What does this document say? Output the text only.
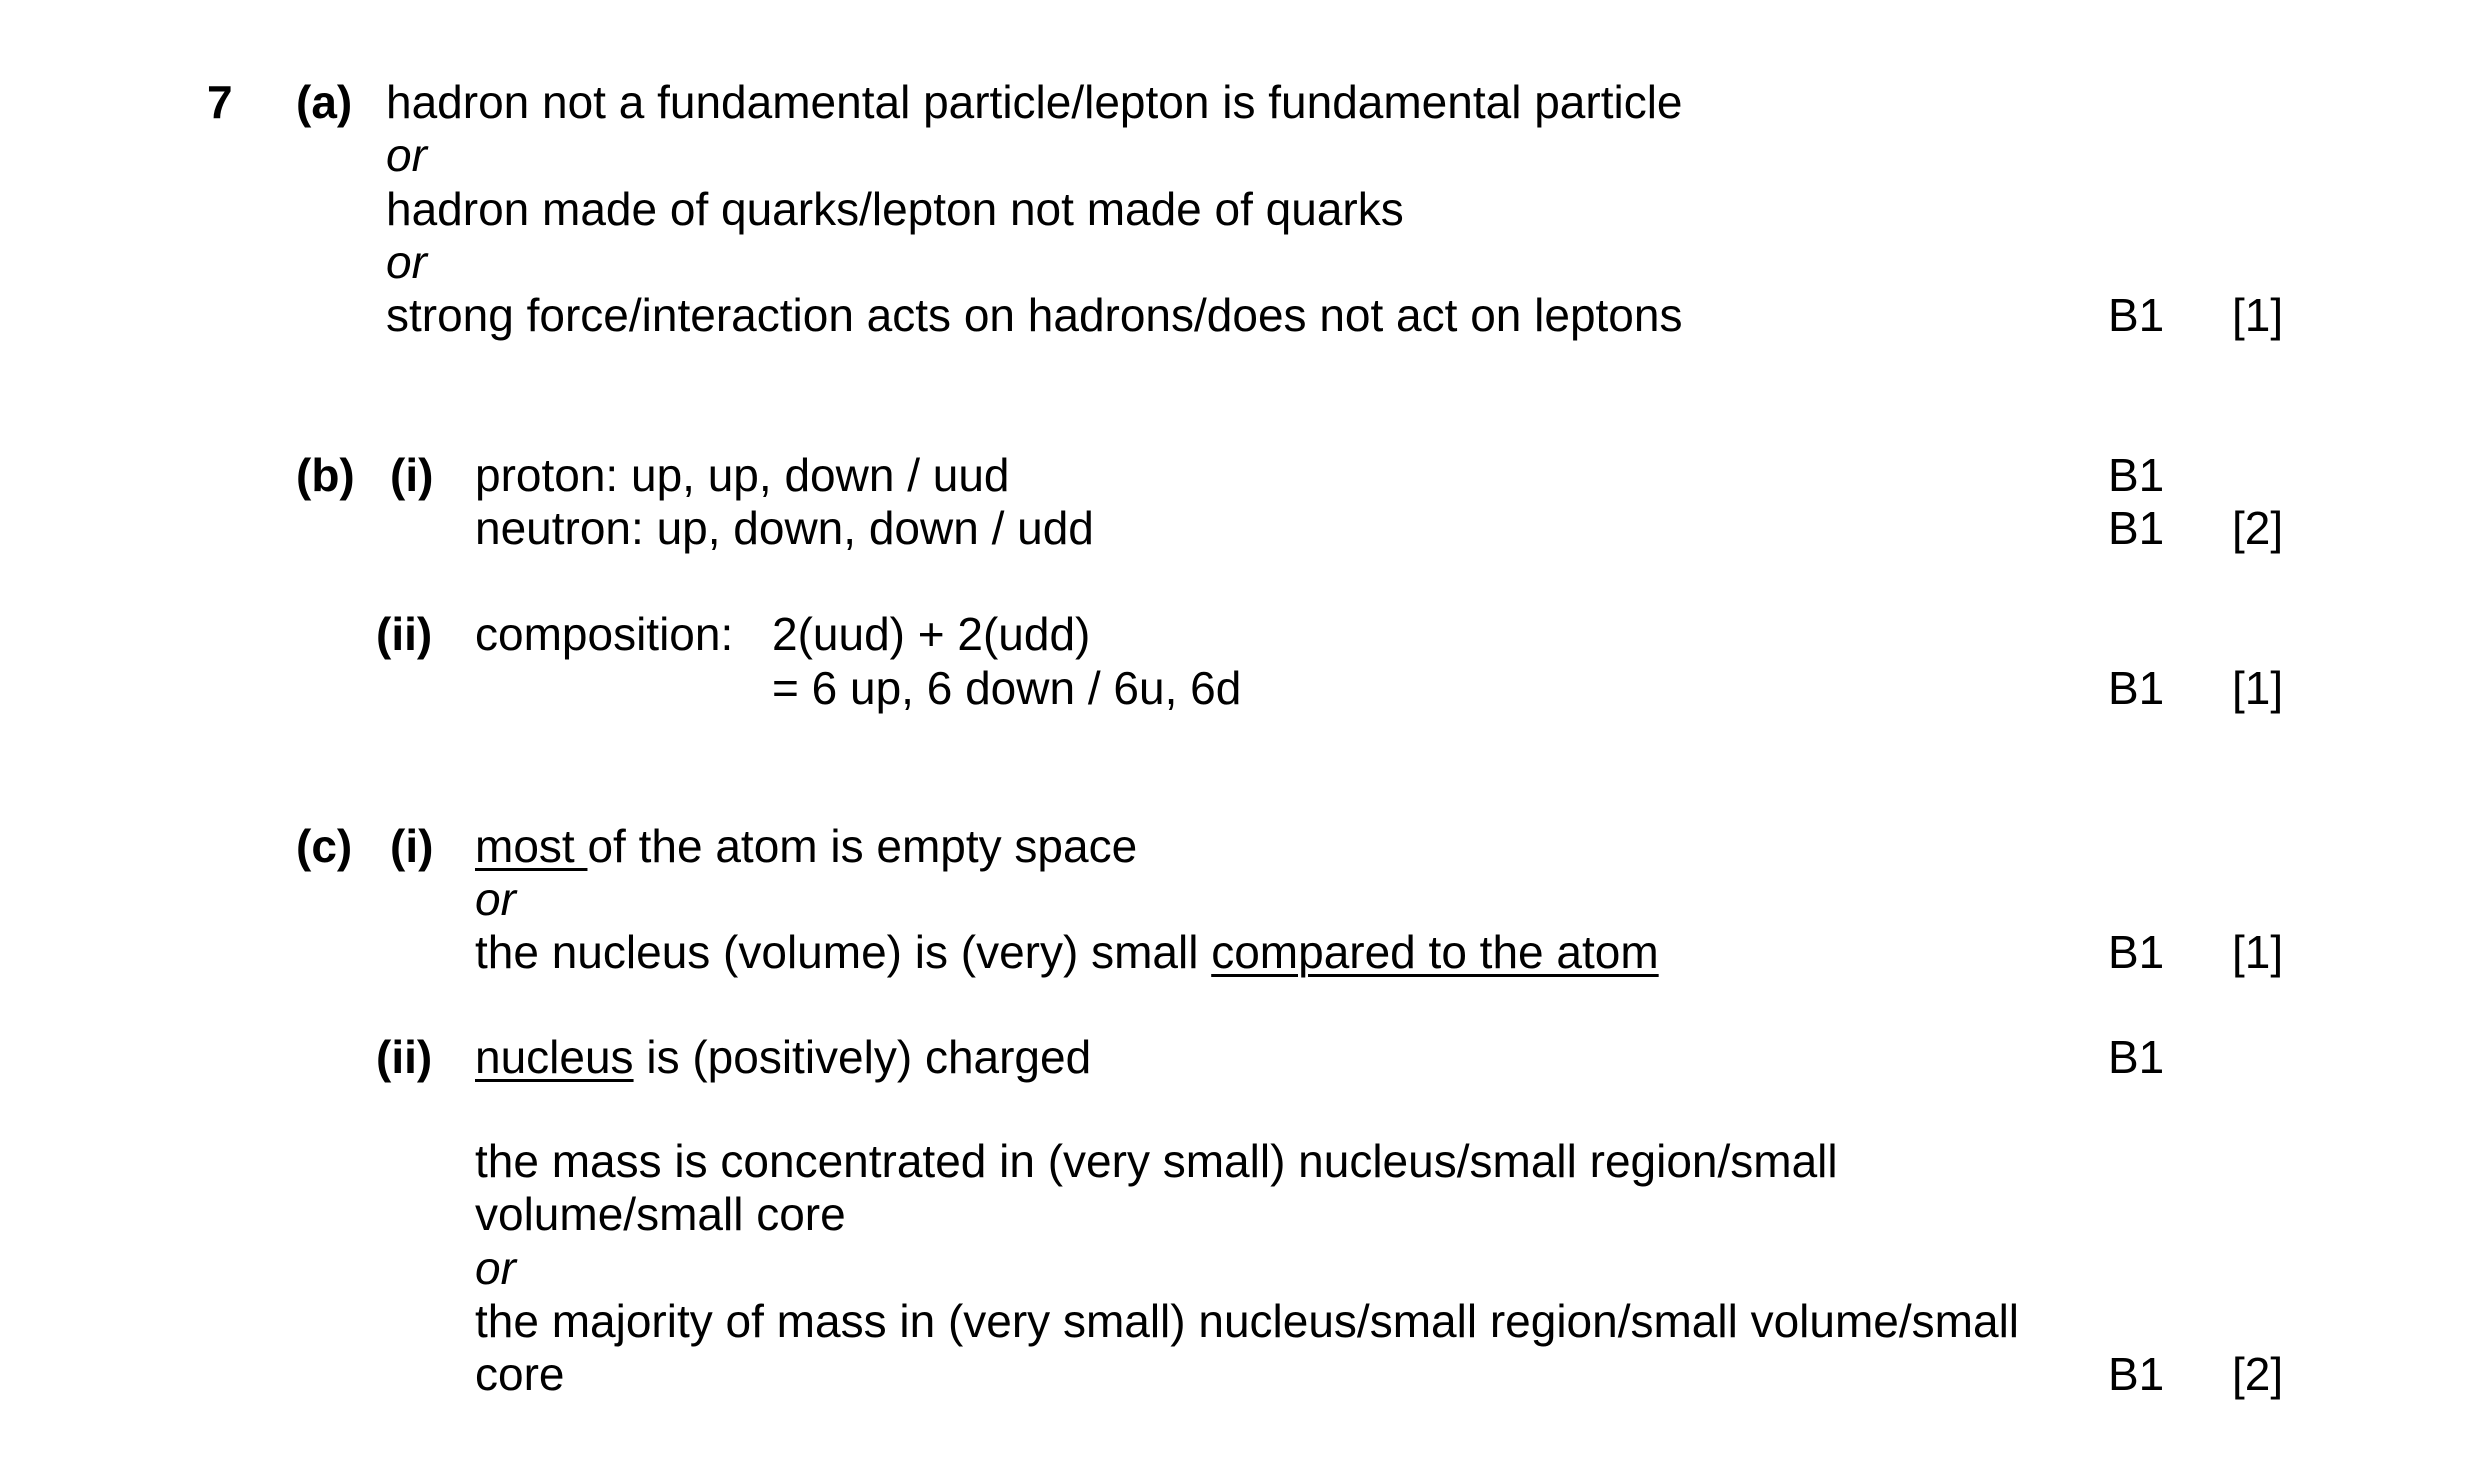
7 (a) hadron not a fundamental particle/lepton is fundamental particle
or
hadron made of quarks/lepton not made of quarks
or
strong force/interaction acts on hadrons/does not act on leptons	B1 [1]
(b) (i) proton: up, up, down / uud	B1
neutron: up, down, down / udd	B1 [2]
(ii) composition: 2(uud) + 2(udd)
= 6 up, 6 down / 6u, 6d	B1 [1]
(c) (i) most of the atom is empty space
or
the nucleus (volume) is (very) small compared to the atom	B1 [1]
(ii) nucleus is (positively) charged	B1
the mass is concentrated in (very small) nucleus/small region/small
volume/small core
or
the majority of mass in (very small) nucleus/small region/small volume/small
core	B1 [2]
